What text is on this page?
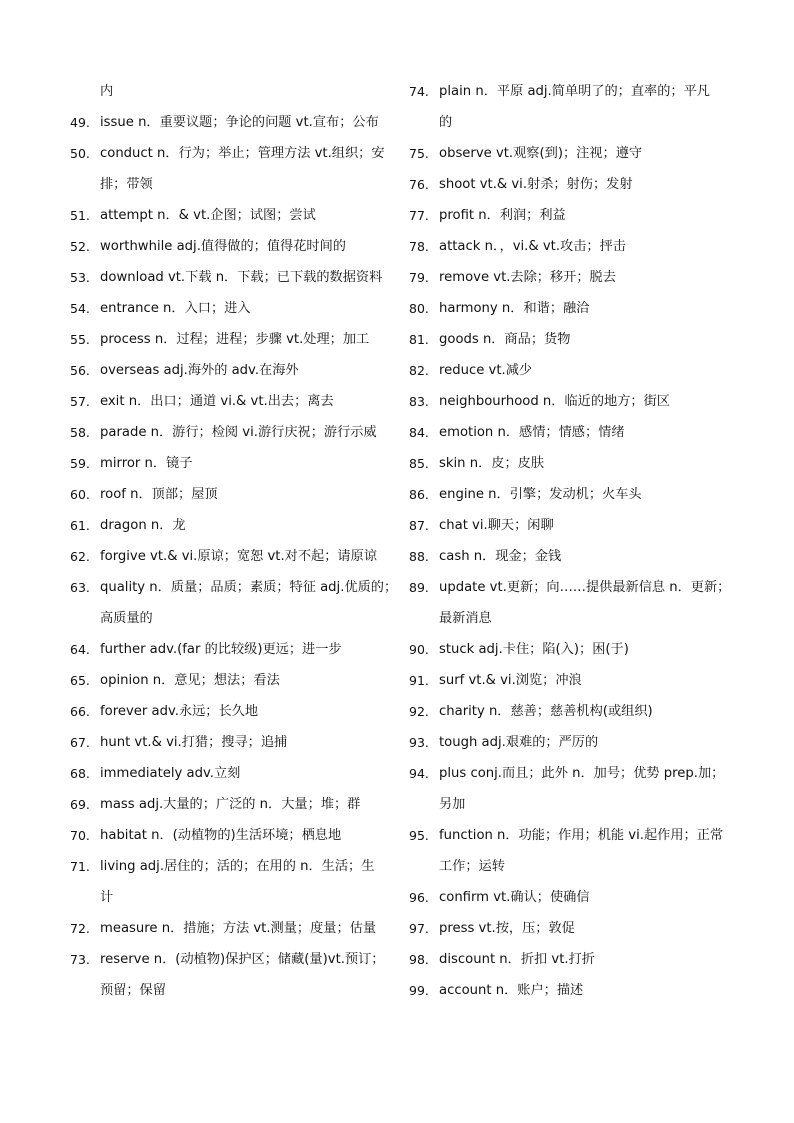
内
49. issue n．重要议题；争论的问题 vt.宣布；公布
50. conduct n．行为；举止；管理方法 vt.组织；安
排；带领
51. attempt n．& vt.企图；试图；尝试
52. worthwhile adj.值得做的；值得花时间的
53. download vt.下载 n．下载；已下载的数据资料
54. entrance n．入口；进入
55. process n．过程；进程；步骤 vt.处理；加工
56. overseas adj.海外的 adv.在海外
57. exit n．出口；通道 vi.& vt.出去；离去
58. parade n．游行；检阅 vi.游行庆祝；游行示威
59. mirror n．镜子
60. roof n．顶部；屋顶
61. dragon n．龙
62. forgive vt.& vi.原谅；宽恕 vt.对不起；请原谅
63. quality n．质量；品质；素质；特征 adj.优质的；
高质量的
64. further adv.(far 的比较级)更远；进一步
65. opinion n．意见；想法；看法
66. forever adv.永远；长久地
67. hunt vt.& vi.打猎；搜寻；追捕
68. immediately adv.立刻
69. mass adj.大量的；广泛的 n．大量；堆；群
70. habitat n．(动植物的)生活环境；栖息地
71. living adj.居住的；活的；在用的 n．生活；生
计
72. measure n．措施；方法 vt.测量；度量；估量
73. reserve n．(动植物)保护区；储藏(量)vt.预订；
预留；保留
74. plain n．平原 adj.简单明了的；直率的；平凡
的
75. observe vt.观察(到)；注视；遵守
76. shoot vt.& vi.射杀；射伤；发射
77. profit n．利润；利益
78. attack n．，vi.& vt.攻击；抨击
79. remove vt.去除；移开；脱去
80. harmony n．和谐；融洽
81. goods n．商品；货物
82. reduce vt.减少
83. neighbourhood n．临近的地方；街区
84. emotion n．感情；情感；情绪
85. skin n．皮；皮肤
86. engine n．引擎；发动机；火车头
87. chat vi.聊天；闲聊
88. cash n．现金；金钱
89. update vt.更新；向……提供最新信息 n．更新；
最新消息
90. stuck adj.卡住；陷(入)；困(于)
91. surf vt.& vi.浏览；冲浪
92. charity n．慈善；慈善机构(或组织)
93. tough adj.艰难的；严厉的
94. plus conj.而且；此外 n．加号；优势 prep.加；
另加
95. function n．功能；作用；机能 vi.起作用；正常
工作；运转
96. confirm vt.确认；使确信
97. press vt.按，压；敦促
98. discount n．折扣 vt.打折
99. account n．账户；描述
